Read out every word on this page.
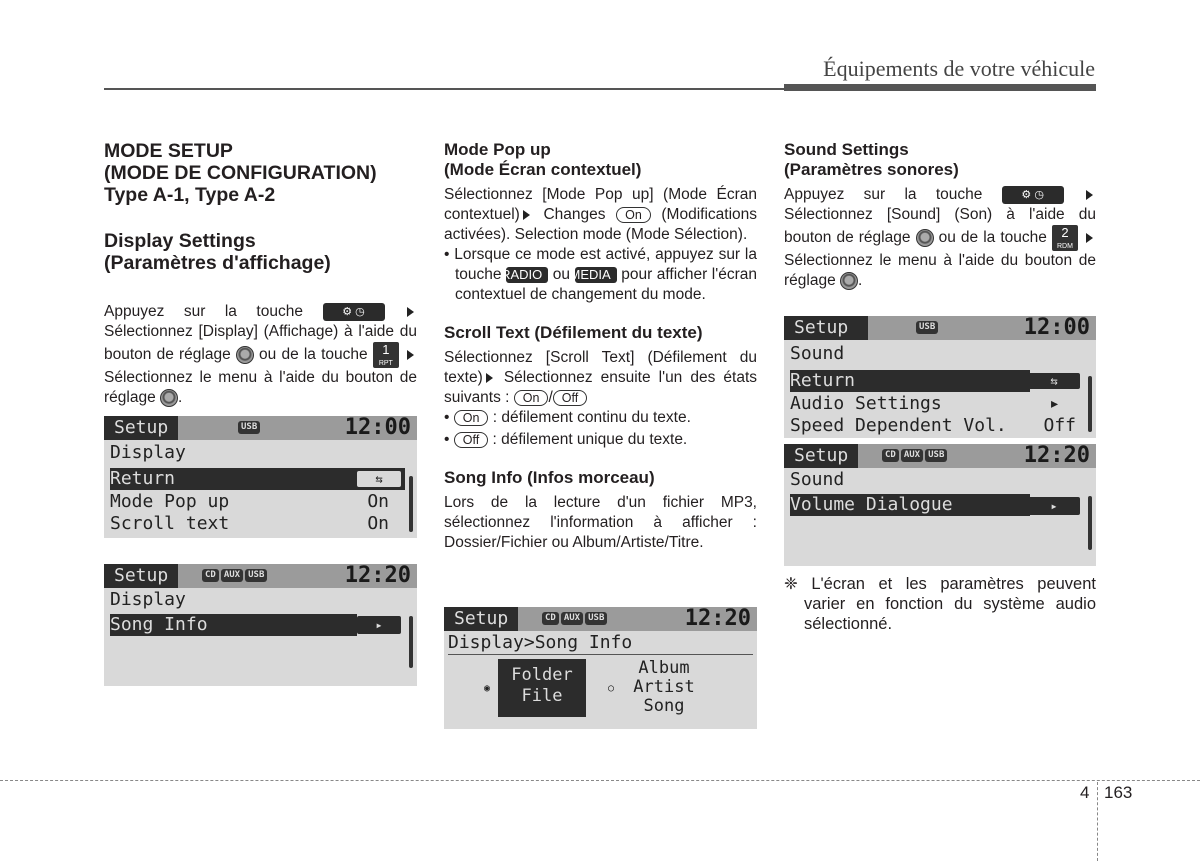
Équipements de votre véhicule
MODE SETUP
(MODE DE CONFIGURATION)
Type A-1, Type A-2
Display Settings
(Paramètres d'affichage)

Appuyez sur la touche	⚙ ◷  Sélectionnez [Display] (Affichage) à l'aide du bouton de réglage ou de la touche	1
RPT
Sélectionnez le menu à l'aide du bouton de réglage .

Setup	USB	12:00
Display
Return	⇆
Mode Pop up	On
Scroll text	On
Setup	CD AUX USB	12:20
Display
Song Info	▸
Mode Pop up
(Mode Écran contextuel)

Sélectionnez [Mode Pop up] (Mode Écran contextuel) Changes On (Modifications activées). Selection mode (Mode Sélection).

• Lorsque ce mode est activé, appuyez sur la touche RADIO ou MEDIA pour afficher l'écran contextuel de changement du mode.

Scroll Text (Défilement du texte)

Sélectionnez [Scroll Text] (Défilement du texte) Sélectionnez ensuite l'un des états suivants : On / Off

• On : défilement continu du texte.

• Off : défilement unique du texte.

Song Info (Infos morceau)

Lors de la lecture d'un fichier MP3, sélectionnez l'information à afficher : Dossier/Fichier ou Album/Artiste/Titre.

Setup	CD AUX USB	12:20
Display>Song Info
◉
Folder
File	○
Album
Artist
Song
Sound Settings
(Paramètres sonores)

Appuyez sur la touche	⚙ ◷  Sélectionnez [Sound] (Son) à l'aide du bouton de réglage ou de la touche	2
RDM
Sélectionnez le menu à l'aide du bouton de réglage .

Setup	USB	12:00
Sound
Return	⇆
Audio Settings	▸
Speed Dependent Vol. Off
Setup	CD AUX USB	12:20
Sound
Volume Dialogue	▸

❈ L'écran et les paramètres peuvent varier en fonction du système audio sélectionné.

4 163
